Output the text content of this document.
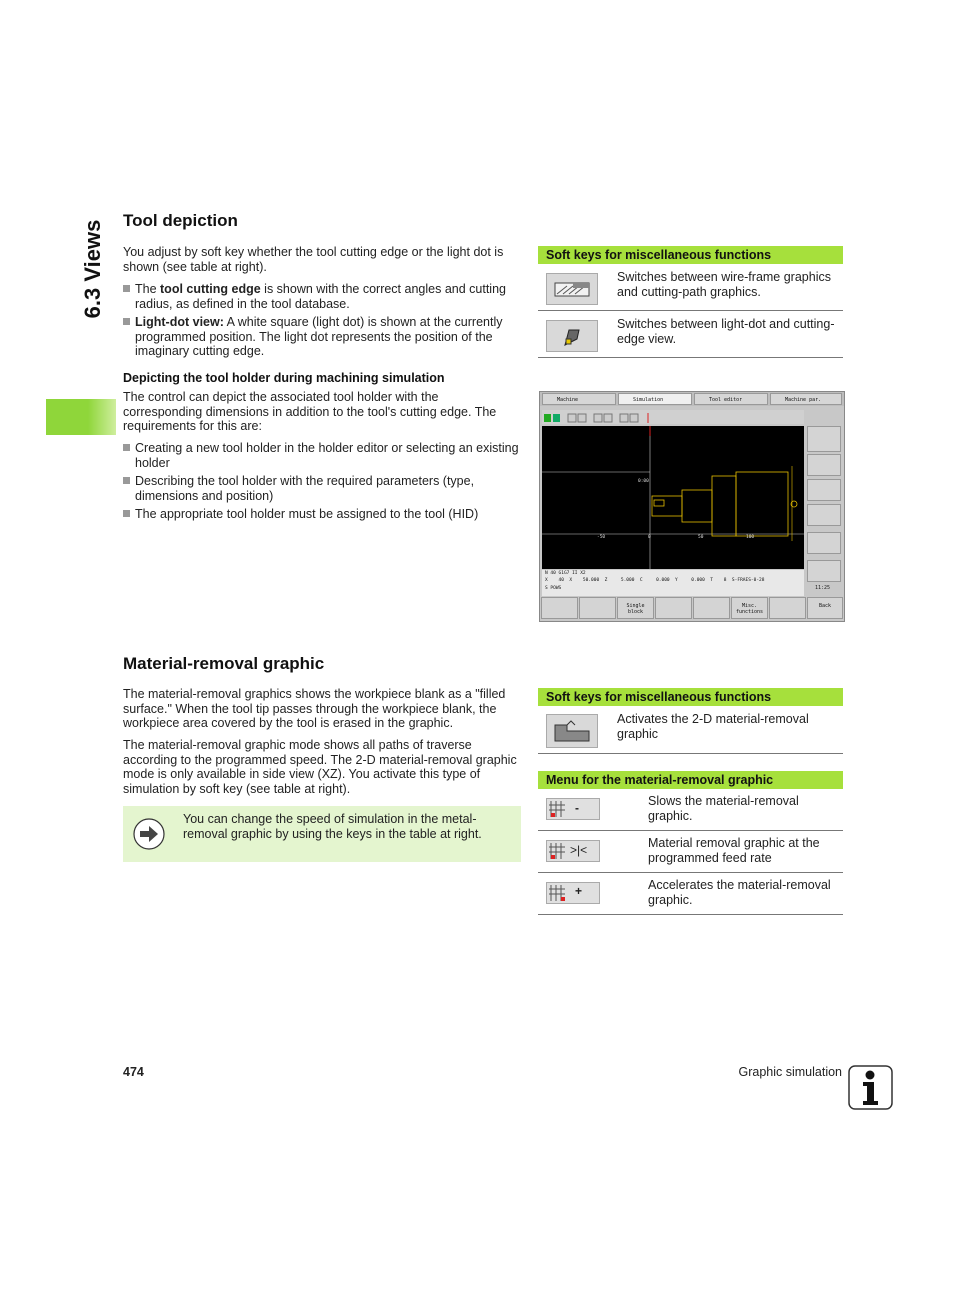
6.3 Views Tool depiction

You adjust by soft key whether the tool cutting edge or the light dot is shown (see table at right).

The tool cutting edge is shown with the correct angles and cutting radius, as defined in the tool database.
Light-dot view: A white square (light dot) is shown at the currently programmed position. The light dot represents the position of the imaginary cutting edge.
Depicting the tool holder during machining simulation

The control can depict the associated tool holder with the corresponding dimensions in addition to the tool's cutting edge. The requirements for this are:

Creating a new tool holder in the holder editor or selecting an existing holder
Describing the tool holder with the required parameters (type, dimensions and position)
The appropriate tool holder must be assigned to the tool (HID)
Soft keys for miscellaneous functions
Switches between wire-frame graphics and cutting-path graphics.
Switches between light-dot and cutting-edge view.
Machine	Simulation	Tool editor	Machine par.
0:00
-50	0	50	100
N 40 G1G7 II X2
X    40  X    50.000  Z     5.000  C     0.000  Y     0.000  T    8  S-FRAES-0-28
S POWS	11:25
Single
block
Misc.
functions
Back
Material-removal graphic

The material-removal graphics shows the workpiece blank as a "filled surface." When the tool tip passes through the workpiece blank, the workpiece area covered by the tool is erased in the graphic.

The material-removal graphic mode shows all paths of traverse according to the programmed speed. The 2-D material-removal graphic mode is only available in side view (XZ). You activate this type of simulation by soft key (see table at right).

You can change the speed of simulation in the metal-removal graphic by using the keys in the table at right.
Soft keys for miscellaneous functions
Activates the 2-D material-removal graphic
Menu for the material-removal graphic
-	Slows the material-removal graphic.
>|<	Material removal graphic at the programmed feed rate
+	Accelerates the material-removal graphic.
474	Graphic simulation
